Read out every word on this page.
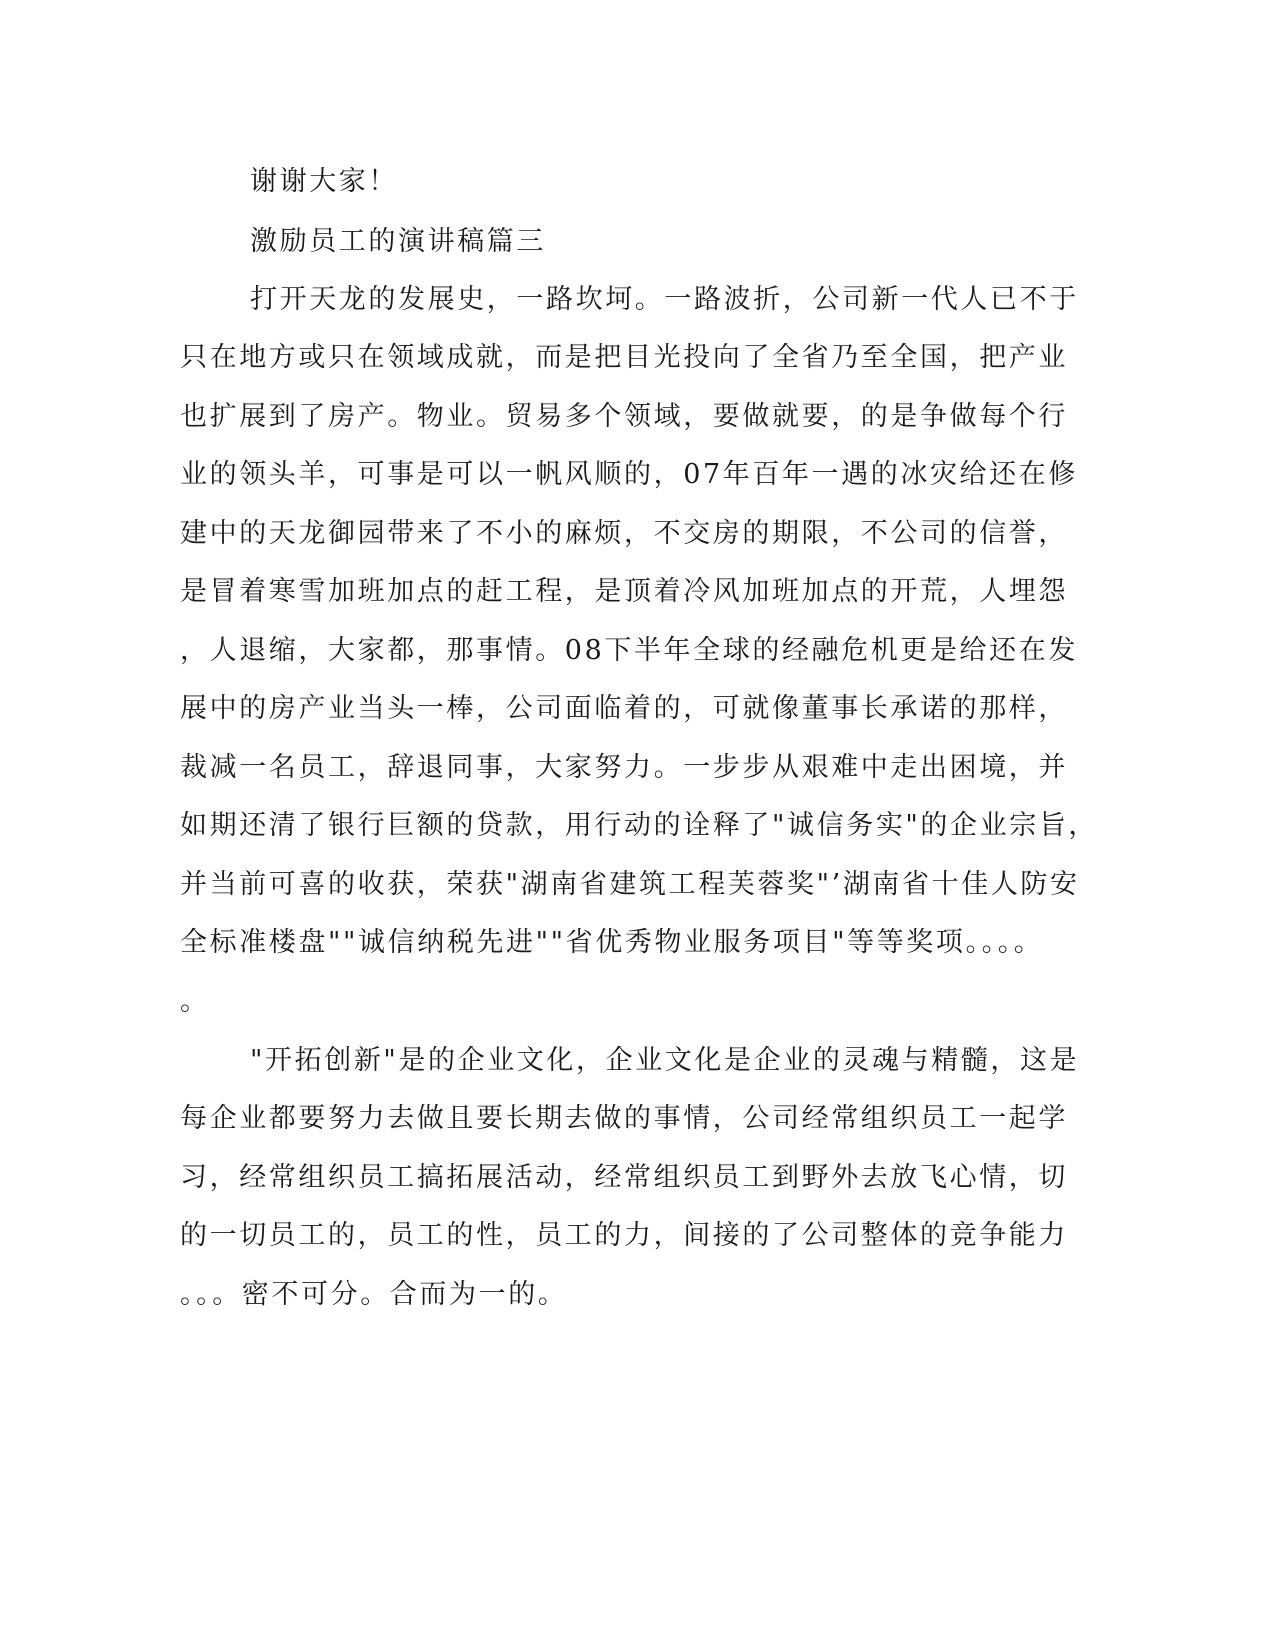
谢谢大家！
激励员工的演讲稿篇三
打开天龙的发展史，一路坎坷。一路波折，公司新一代人已不于
只在地方或只在领域成就，而是把目光投向了全省乃至全国，把产业
也扩展到了房产。物业。贸易多个领域，要做就要，的是争做每个行
业的领头羊，可事是可以一帆风顺的，07年百年一遇的冰灾给还在修
建中的天龙御园带来了不小的麻烦，不交房的期限，不公司的信誉，
是冒着寒雪加班加点的赶工程，是顶着冷风加班加点的开荒，人埋怨
，人退缩，大家都，那事情。08下半年全球的经融危机更是给还在发
展中的房产业当头一棒，公司面临着的，可就像董事长承诺的那样，
裁减一名员工，辞退同事，大家努力。一步步从艰难中走出困境，并
如期还清了银行巨额的贷款，用行动的诠释了"诚信务实"的企业宗旨，
并当前可喜的收获，荣获"湖南省建筑工程芙蓉奖"’湖南省十佳人防安
全标准楼盘""诚信纳税先进""省优秀物业服务项目"等等奖项。。。。
。
"开拓创新"是的企业文化，企业文化是企业的灵魂与精髓，这是
每企业都要努力去做且要长期去做的事情，公司经常组织员工一起学
习，经常组织员工搞拓展活动，经常组织员工到野外去放飞心情，切
的一切员工的，员工的性，员工的力，间接的了公司整体的竞争能力
。。。密不可分。合而为一的。
